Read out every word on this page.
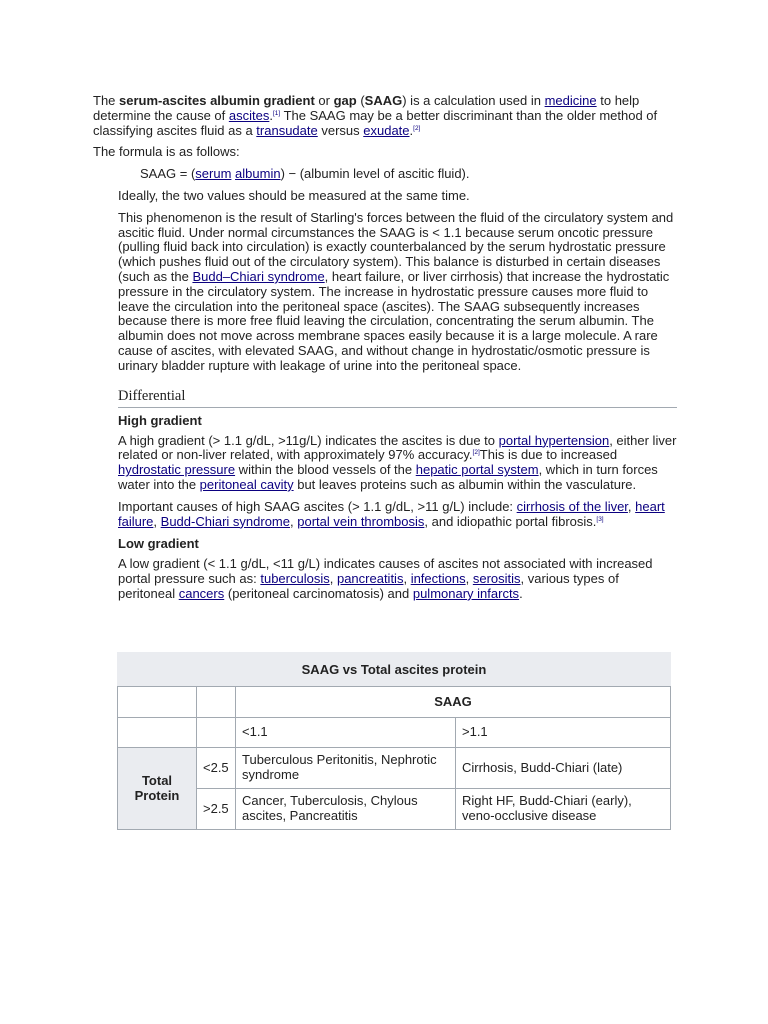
The serum-ascites albumin gradient or gap (SAAG) is a calculation used in medicine to help determine the cause of ascites.[1] The SAAG may be a better discriminant than the older method of classifying ascites fluid as a transudate versus exudate.[2]

The formula is as follows:

SAAG = (serum albumin) − (albumin level of ascitic fluid).

Ideally, the two values should be measured at the same time.

This phenomenon is the result of Starling's forces between the fluid of the circulatory system and ascitic fluid. Under normal circumstances the SAAG is < 1.1 because serum oncotic pressure (pulling fluid back into circulation) is exactly counterbalanced by the serum hydrostatic pressure (which pushes fluid out of the circulatory system). This balance is disturbed in certain diseases (such as the Budd–Chiari syndrome, heart failure, or liver cirrhosis) that increase the hydrostatic pressure in the circulatory system. The increase in hydrostatic pressure causes more fluid to leave the circulation into the peritoneal space (ascites). The SAAG subsequently increases because there is more free fluid leaving the circulation, concentrating the serum albumin. The albumin does not move across membrane spaces easily because it is a large molecule. A rare cause of ascites, with elevated SAAG, and without change in hydrostatic/osmotic pressure is urinary bladder rupture with leakage of urine into the peritoneal space.

Differential
High gradient

A high gradient (> 1.1 g/dL, >11g/L) indicates the ascites is due to portal hypertension, either liver related or non-liver related, with approximately 97% accuracy.[2]This is due to increased hydrostatic pressure within the blood vessels of the hepatic portal system, which in turn forces water into the peritoneal cavity but leaves proteins such as albumin within the vasculature.

Important causes of high SAAG ascites (> 1.1 g/dL, >11 g/L) include: cirrhosis of the liver, heart failure, Budd-Chiari syndrome, portal vein thrombosis, and idiopathic portal fibrosis.[3]

Low gradient

A low gradient (< 1.1 g/dL, <11 g/L) indicates causes of ascites not associated with increased portal pressure such as: tuberculosis, pancreatitis, infections, serositis, various types of peritoneal cancers (peritoneal carcinomatosis) and pulmonary infarcts.

SAAG vs Total ascites protein
		SAAG	
		<1.1	>1.1
Total Protein	<2.5	Tuberculous Peritonitis, Nephrotic syndrome	Cirrhosis, Budd-Chiari (late)
	>2.5	Cancer, Tuberculosis, Chylous ascites, Pancreatitis	Right HF, Budd-Chiari (early), veno-occlusive disease
